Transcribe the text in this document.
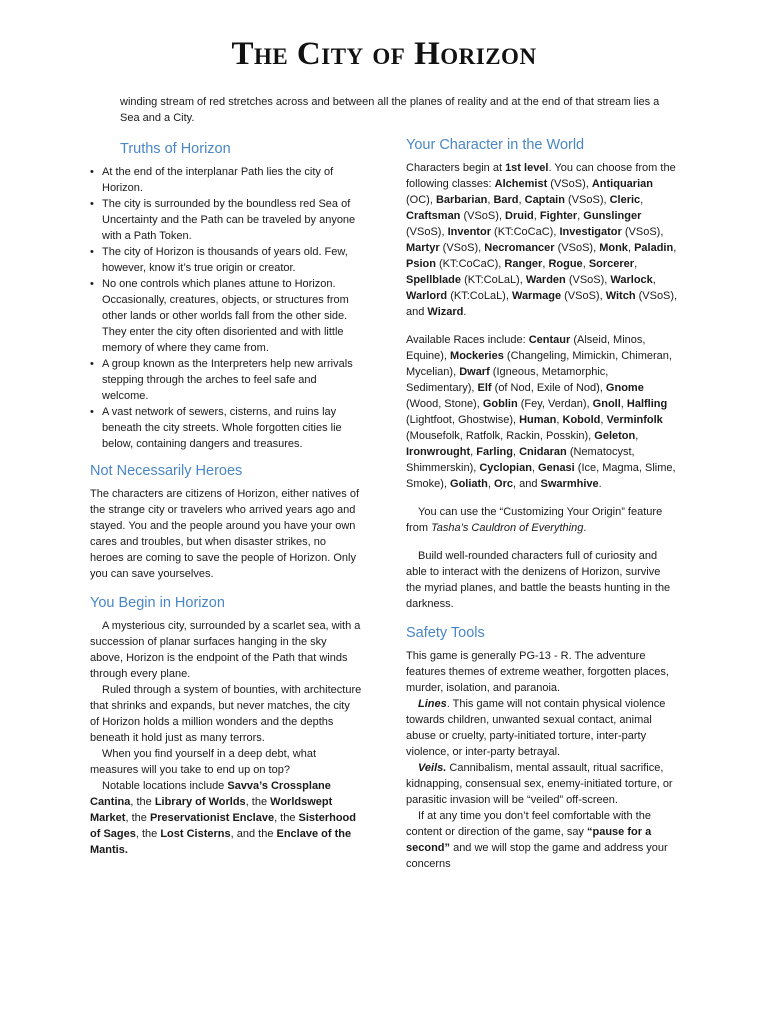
The City of Horizon
winding stream of red stretches across and between all the planes of reality and at the end of that stream lies a Sea and a City.
Truths of Horizon
• At the end of the interplanar Path lies the city of Horizon.
• The city is surrounded by the boundless red Sea of Uncertainty and the Path can be traveled by anyone with a Path Token.
• The city of Horizon is thousands of years old. Few, however, know it’s true origin or creator.
• No one controls which planes attune to Horizon. Occasionally, creatures, objects, or structures from other lands or other worlds fall from the other side. They enter the city often disoriented and with little memory of where they came from.
• A group known as the Interpreters help new arrivals stepping through the arches to feel safe and welcome.
• A vast network of sewers, cisterns, and ruins lay beneath the city streets. Whole forgotten cities lie below, containing dangers and treasures.
Not Necessarily Heroes

The characters are citizens of Horizon, either natives of the strange city or travelers who arrived years ago and stayed. You and the people around you have your own cares and troubles, but when disaster strikes, no heroes are coming to save the people of Horizon. Only you can save yourselves.

You Begin in Horizon

A mysterious city, surrounded by a scarlet sea, with a succession of planar surfaces hanging in the sky above, Horizon is the endpoint of the Path that winds through every plane.

Ruled through a system of bounties, with architecture that shrinks and expands, but never matches, the city of Horizon holds a million wonders and the depths beneath it hold just as many terrors.

When you find yourself in a deep debt, what measures will you take to end up on top?

Notable locations include Savva’s Crossplane Cantina, the Library of Worlds, the Worldswept Market, the Preservationist Enclave, the Sisterhood of Sages, the Lost Cisterns, and the Enclave of the Mantis.

Your Character in the World

Characters begin at 1st level. You can choose from the following classes: Alchemist (VSoS), Antiquarian (OC), Barbarian, Bard, Captain (VSoS), Cleric, Craftsman (VSoS), Druid, Fighter, Gunslinger (VSoS), Inventor (KT:CoCaC), Investigator (VSoS), Martyr (VSoS), Necromancer (VSoS), Monk, Paladin, Psion (KT:CoCaC), Ranger, Rogue, Sorcerer, Spellblade (KT:CoLaL), Warden (VSoS), Warlock, Warlord (KT:CoLaL), Warmage (VSoS), Witch (VSoS), and Wizard.

Available Races include: Centaur (Alseid, Minos, Equine), Mockeries (Changeling, Mimickin, Chimeran, Mycelian), Dwarf (Igneous, Metamorphic, Sedimentary), Elf (of Nod, Exile of Nod), Gnome (Wood, Stone), Goblin (Fey, Verdan), Gnoll, Halfling (Lightfoot, Ghostwise), Human, Kobold, Verminfolk (Mousefolk, Ratfolk, Rackin, Posskin), Geleton, Ironwrought, Farling, Cnidaran (Nematocyst, Shimmerskin), Cyclopian, Genasi (Ice, Magma, Slime, Smoke), Goliath, Orc, and Swarmhive.

You can use the “Customizing Your Origin” feature from Tasha’s Cauldron of Everything.

Build well-rounded characters full of curiosity and able to interact with the denizens of Horizon, survive the myriad planes, and battle the beasts hunting in the darkness.

Safety Tools

This game is generally PG-13 - R. The adventure features themes of extreme weather, forgotten places, murder, isolation, and paranoia.

Lines. This game will not contain physical violence towards children, unwanted sexual contact, animal abuse or cruelty, party-initiated torture, inter-party violence, or inter-party betrayal.

Veils. Cannibalism, mental assault, ritual sacrifice, kidnapping, consensual sex, enemy-initiated torture, or parasitic invasion will be “veiled” off-screen.

If at any time you don’t feel comfortable with the content or direction of the game, say “pause for a second” and we will stop the game and address your concerns
